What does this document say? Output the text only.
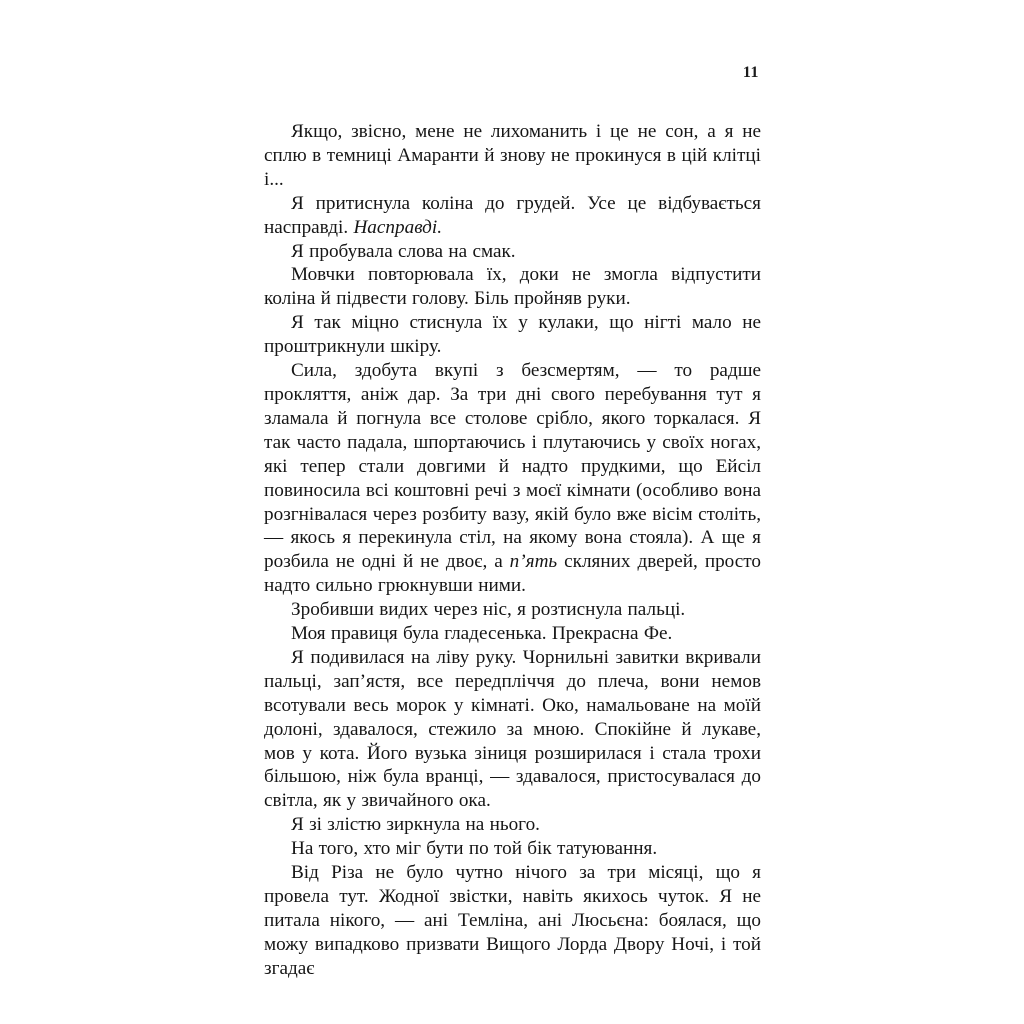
11

Якщо, звісно, мене не лихоманить і це не сон, а я не сплю в темниці Амаранти й знову не прокинуся в цій клітці і...

Я притиснула коліна до грудей. Усе це відбувається насправді. Насправді.

Я пробувала слова на смак.

Мовчки повторювала їх, доки не змогла відпустити коліна й підвести голову. Біль пройняв руки.

Я так міцно стиснула їх у кулаки, що нігті мало не проштрикнули шкіру.

Сила, здобута вкупі з безсмертям, — то радше прокляття, аніж дар. За три дні свого перебування тут я зламала й погнула все столове срібло, якого торкалася. Я так часто падала, шпортаючись і плутаючись у своїх ногах, які тепер стали довгими й надто прудкими, що Ейсіл повиносила всі коштовні речі з моєї кімнати (особливо вона розгнівалася через розбиту вазу, якій було вже вісім століть, — якось я перекинула стіл, на якому вона стояла). А ще я розбила не одні й не двоє, а п’ять скляних дверей, просто надто сильно грюкнувши ними.

Зробивши видих через ніс, я розтиснула пальці.

Моя правиця була гладесенька. Прекрасна Фе.

Я подивилася на ліву руку. Чорнильні завитки вкривали пальці, зап’ястя, все передпліччя до плеча, вони немов всотували весь морок у кімнаті. Око, намальоване на моїй долоні, здавалося, стежило за мною. Спокійне й лукаве, мов у кота. Його вузька зіниця розширилася і стала трохи більшою, ніж була вранці, — здавалося, пристосувалася до світла, як у звичайного ока.

Я зі злістю зиркнула на нього.

На того, хто міг бути по той бік татуювання.

Від Різа не було чутно нічого за три місяці, що я провела тут. Жодної звістки, навіть якихось чуток. Я не питала нікого, — ані Темліна, ані Люсьєна: боялася, що можу випадково призвати Вищого Лорда Двору Ночі, і той згадає
